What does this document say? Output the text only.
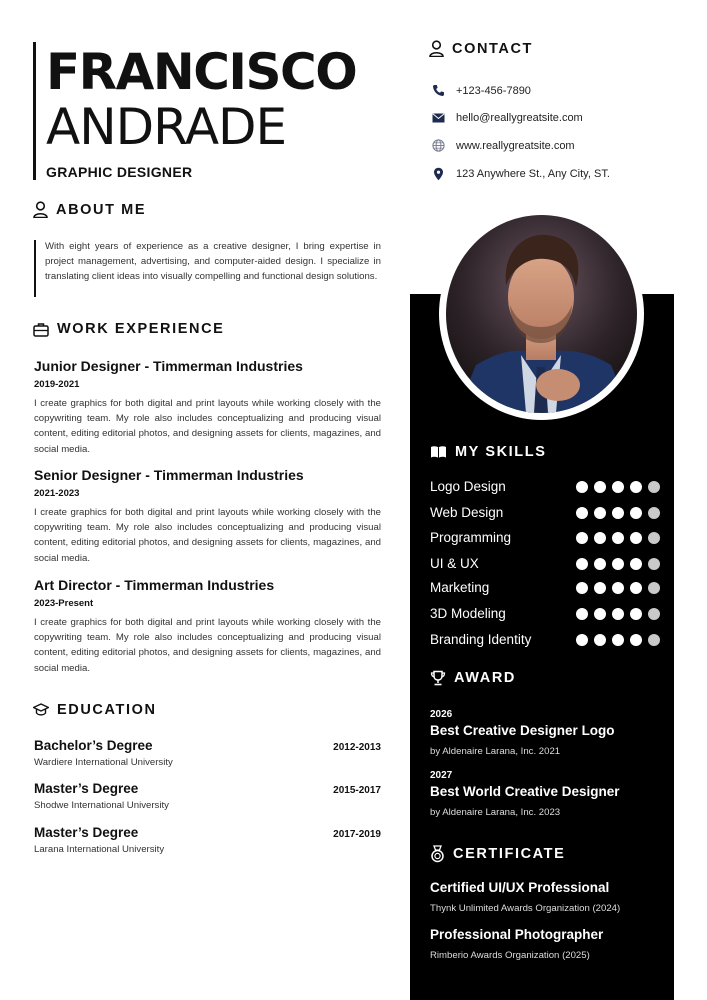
FRANCISCO
ANDRADE
GRAPHIC DESIGNER
ABOUT ME
With eight years of experience as a creative designer, I bring expertise in project management, advertising, and computer-aided design. I specialize in translating client ideas into visually compelling and functional design solutions.
WORK EXPERIENCE
Junior Designer - Timmerman Industries
2019-2021
I create graphics for both digital and print layouts while working closely with the copywriting team. My role also includes conceptualizing and producing visual content, editing editorial photos, and designing assets for clients, magazines, and social media.
Senior Designer - Timmerman Industries
2021-2023
I create graphics for both digital and print layouts while working closely with the copywriting team. My role also includes conceptualizing and producing visual content, editing editorial photos, and designing assets for clients, magazines, and social media.
Art Director - Timmerman Industries
2023-Present
I create graphics for both digital and print layouts while working closely with the copywriting team. My role also includes conceptualizing and producing visual content, editing editorial photos, and designing assets for clients, magazines, and social media.
EDUCATION
Bachelor’s Degree	2012-2013
Wardiere International University
Master’s Degree	2015-2017
Shodwe International University
Master’s Degree	2017-2019
Larana International University
CONTACT
+123-456-7890
hello@reallygreatsite.com
www.reallygreatsite.com
123 Anywhere St., Any City, ST.
MY SKILLS
Logo Design
Web Design
Programming
UI & UX
Marketing
3D Modeling
Branding Identity
AWARD
2026
Best Creative Designer Logo
by Aldenaire Larana, Inc. 2021
2027
Best World Creative Designer
by Aldenaire Larana, Inc. 2023
CERTIFICATE
Certified UI/UX Professional
Thynk Unlimited Awards Organization (2024)
Professional Photographer
Rimberio Awards Organization (2025)
